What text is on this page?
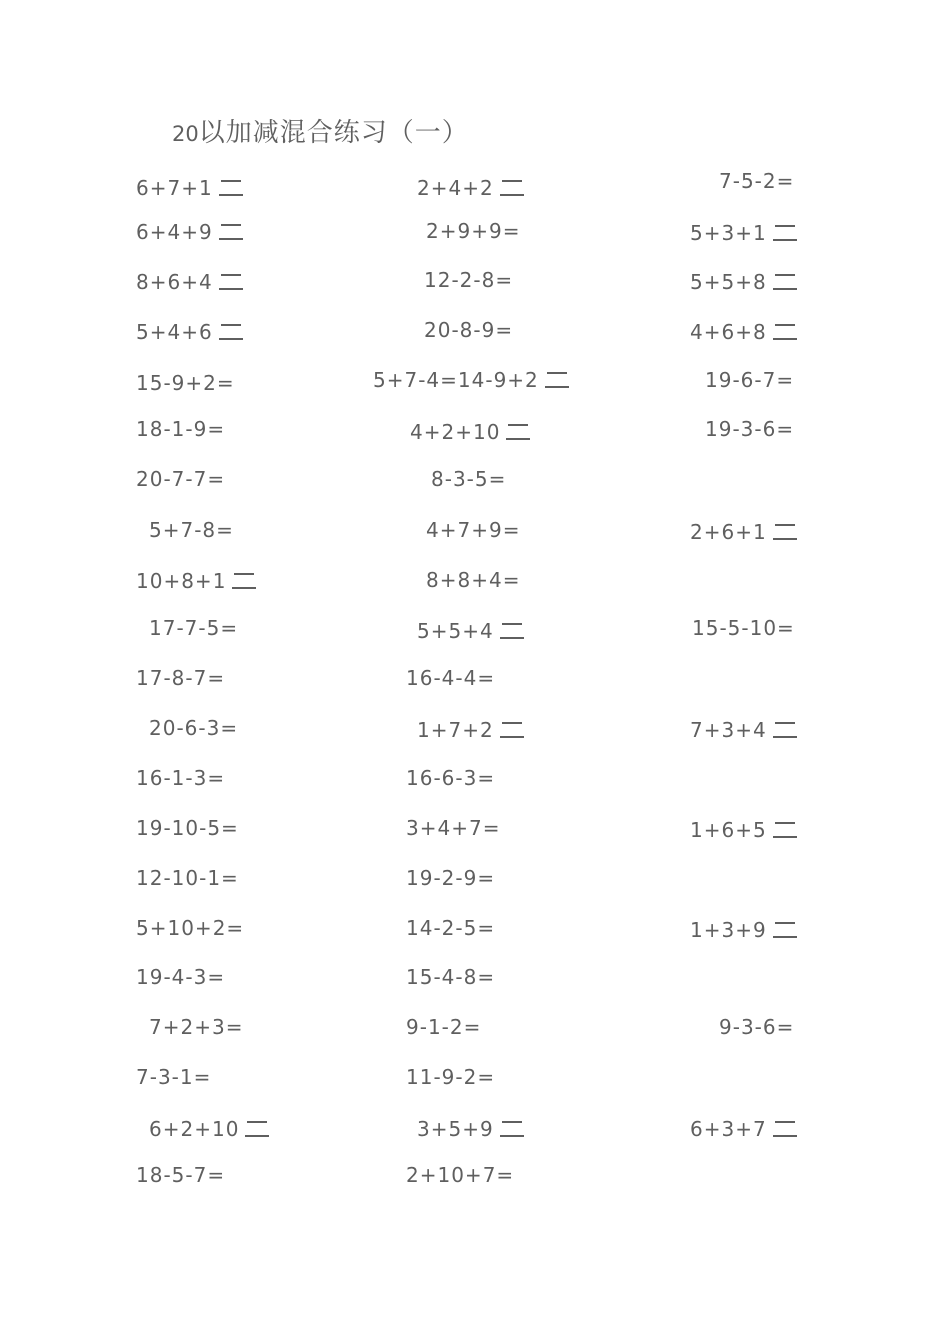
20以加减混合练习（一）
6+7+1	2+4+2	7-5-2=
6+4+9	2+9+9=	5+3+1
8+6+4	12-2-8=	5+5+8
5+4+6	20-8-9=	4+6+8
15-9+2=	5+7-4=14-9+2	19-6-7=
18-1-9=	4+2+10	19-3-6=
20-7-7=	8-3-5=
5+7-8=	4+7+9=	2+6+1
10+8+1	8+8+4=
17-7-5=	5+5+4	15-5-10=
17-8-7=	16-4-4=
20-6-3=	1+7+2	7+3+4
16-1-3=	16-6-3=
19-10-5=	3+4+7=	1+6+5
12-10-1=	19-2-9=
5+10+2=	14-2-5=	1+3+9
19-4-3=	15-4-8=
7+2+3=	9-1-2=	9-3-6=
7-3-1=	11-9-2=
6+2+10	3+5+9	6+3+7
18-5-7=	2+10+7=
